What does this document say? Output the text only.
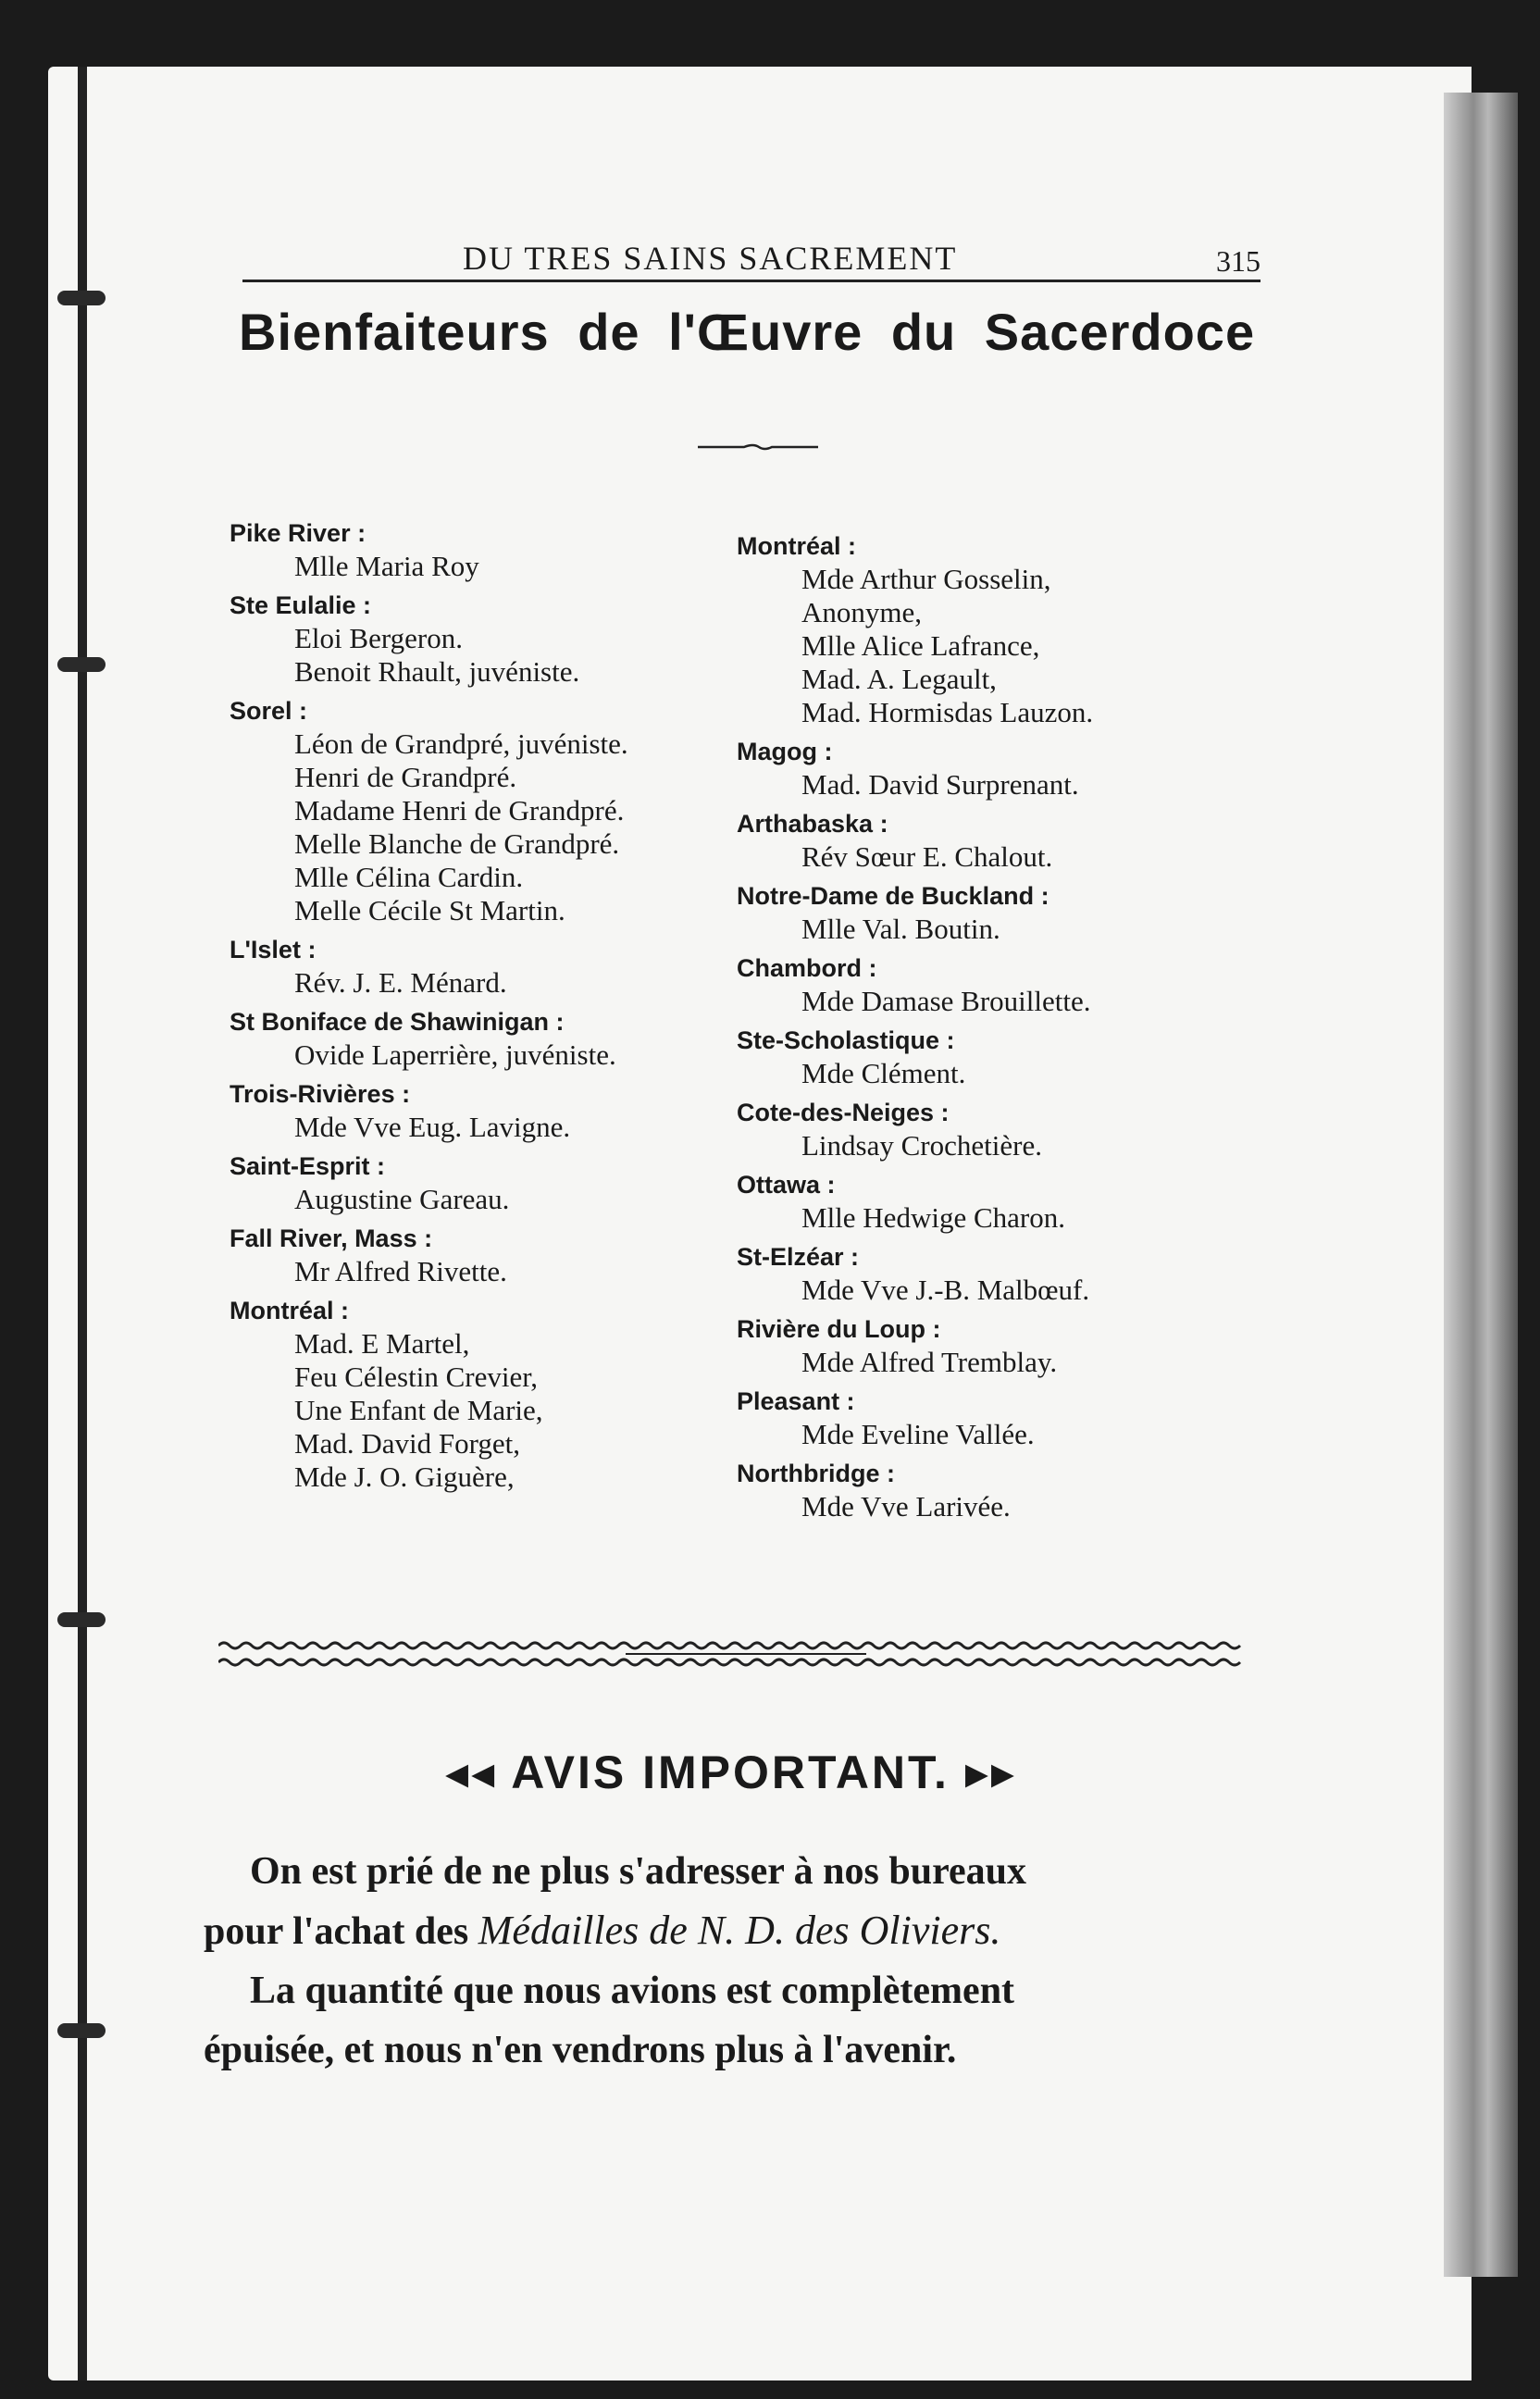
DU TRES SAINS SACREMENT	315
Bienfaiteurs de l'Œuvre du Sacerdoce
Pike River :
Mlle Maria Roy
Ste Eulalie :
Eloi Bergeron.
Benoit Rhault, juvéniste.
Sorel :
Léon de Grandpré, juvéniste.
Henri de Grandpré.
Madame Henri de Grandpré.
Melle Blanche de Grandpré.
Mlle Célina Cardin.
Melle Cécile St Martin.
L'Islet :
Rév. J. E. Ménard.
St Boniface de Shawinigan :
Ovide Laperrière, juvéniste.
Trois-Rivières :
Mde Vve Eug. Lavigne.
Saint-Esprit :
Augustine Gareau.
Fall River, Mass :
Mr Alfred Rivette.
Montréal :
Mad. E Martel,
Feu Célestin Crevier,
Une Enfant de Marie,
Mad. David Forget,
Mde J. O. Giguère,
Montréal :
Mde Arthur Gosselin,
Anonyme,
Mlle Alice Lafrance,
Mad. A. Legault,
Mad. Hormisdas Lauzon.
Magog :
Mad. David Surprenant.
Arthabaska :
Rév Sœur E. Chalout.
Notre-Dame de Buckland :
Mlle Val. Boutin.
Chambord :
Mde Damase Brouillette.
Ste-Scholastique :
Mde Clément.
Cote-des-Neiges :
Lindsay Crochetière.
Ottawa :
Mlle Hedwige Charon.
St-Elzéar :
Mde Vve J.-B. Malbœuf.
Rivière du Loup :
Mde Alfred Tremblay.
Pleasant :
Mde Eveline Vallée.
Northbridge :
Mde Vve Larivée.
◂◂ AVIS IMPORTANT. ▸▸

On est prié de ne plus s'adresser à nos bureaux

pour l'achat des Médailles de N. D. des Oliviers.

La quantité que nous avions est complètement

épuisée, et nous n'en vendrons plus à l'avenir.
